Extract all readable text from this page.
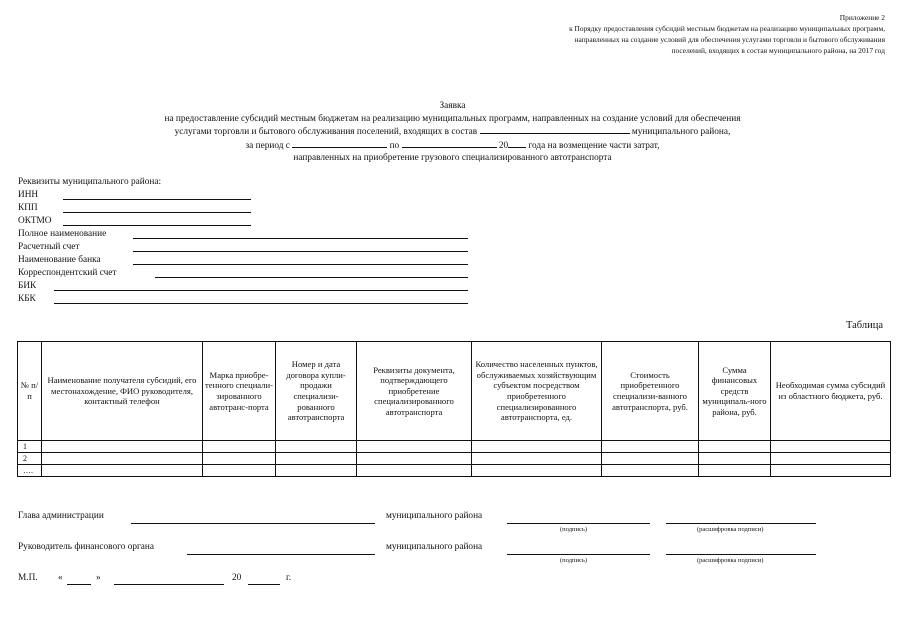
Приложение 2
к Порядку предоставления субсидий местным бюджетам на реализацию муниципальных программ,
направленных на создание условий для обеспечения услугами торговли и бытового обслуживания
поселений, входящих в состав муниципального района, на 2017 год
Заявка
на предоставление субсидий местным бюджетам на реализацию муниципальных программ, направленных на создание условий для обеспечения
услугами торговли и бытового обслуживания поселений, входящих в состав	муниципального района,
за период с	по	20 года на возмещение части затрат,
направленных на приобретение грузового специализированного автотранспорта
Реквизиты муниципального района:
ИНН
КПП
ОКТМО
Полное наименование
Расчетный счет
Наименование банка
Корреспондентский счет
БИК
КБК
Таблица
№ п/п	Наименование получателя субсидий, его местонахождение, ФИО руководителя, контактный телефон	Марка приобре-тенного специали-зированного автотранс-порта	Номер и дата договора купли-продажи специализи-рованного автотранспорта	Реквизиты документа, подтверждающего приобретение специализированного автотранспорта	Количество населенных пунктов, обслуживаемых хозяйствующим субъектом посредством приобретенного специализированного автотранспорта, ед.	Стоимость приобретенного специализи-ванного автотранспорта, руб.	Сумма финансовых средств муниципаль-ного района, руб.	Необходимая сумма субсидий из областного бюджета, руб.
1								
2								
….								
Глава администрации	муниципального района
(подпись)	(расшифровка подписи)
Руководитель финансового органа	муниципального района
(подпись)	(расшифровка подписи)
М.П. «	»	20	г.
